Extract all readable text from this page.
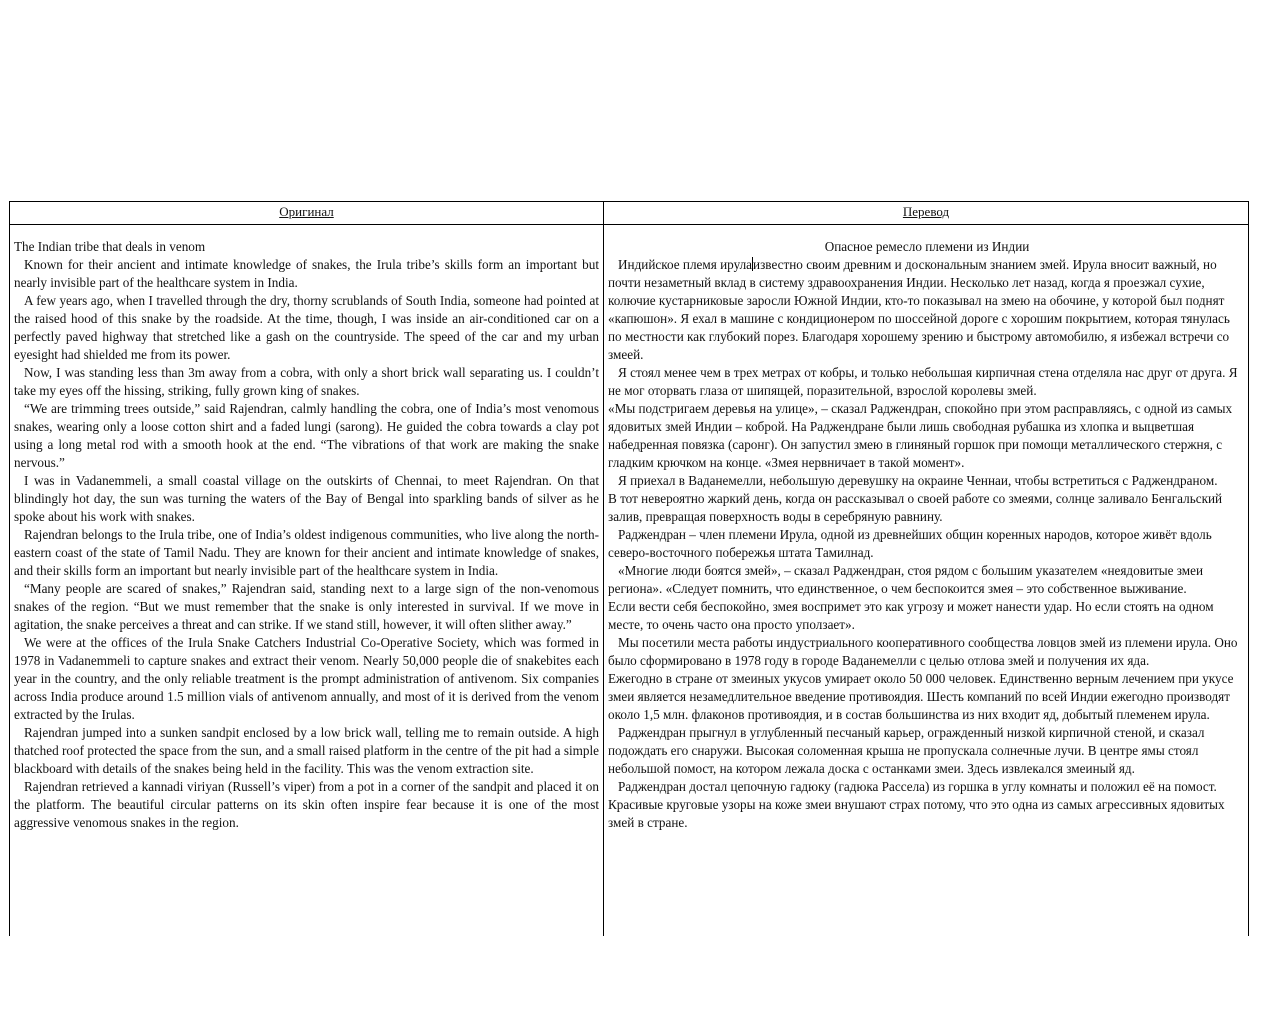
Оригинал	Перевод

The Indian tribe that deals in venom

Known for their ancient and intimate knowledge of snakes, the Irula tribe’s skills form an important but nearly invisible part of the healthcare system in India.

A few years ago, when I travelled through the dry, thorny scrublands of South India, someone had pointed at the raised hood of this snake by the roadside. At the time, though, I was inside an air-conditioned car on a perfectly paved highway that stretched like a gash on the countryside. The speed of the car and my urban eyesight had shielded me from its power.

Now, I was standing less than 3m away from a cobra, with only a short brick wall separating us. I couldn’t take my eyes off the hissing, striking, fully grown king of snakes.

“We are trimming trees outside,” said Rajendran, calmly handling the cobra, one of India’s most venomous snakes, wearing only a loose cotton shirt and a faded lungi (sarong). He guided the cobra towards a clay pot using a long metal rod with a smooth hook at the end. “The vibrations of that work are making the snake nervous.”

I was in Vadanemmeli, a small coastal village on the outskirts of Chennai, to meet Rajendran. On that blindingly hot day, the sun was turning the waters of the Bay of Bengal into sparkling bands of silver as he spoke about his work with snakes.

Rajendran belongs to the Irula tribe, one of India’s oldest indigenous communities, who live along the north-eastern coast of the state of Tamil Nadu. They are known for their ancient and intimate knowledge of snakes, and their skills form an important but nearly invisible part of the healthcare system in India.

“Many people are scared of snakes,” Rajendran said, standing next to a large sign of the non-venomous snakes of the region. “But we must remember that the snake is only interested in survival. If we move in agitation, the snake perceives a threat and can strike. If we stand still, however, it will often slither away.”

We were at the offices of the Irula Snake Catchers Industrial Co-Operative Society, which was formed in 1978 in Vadanemmeli to capture snakes and extract their venom. Nearly 50,000 people die of snakebites each year in the country, and the only reliable treatment is the prompt administration of antivenom. Six companies across India produce around 1.5 million vials of antivenom annually, and most of it is derived from the venom extracted by the Irulas.

Rajendran jumped into a sunken sandpit enclosed by a low brick wall, telling me to remain outside. A high thatched roof protected the space from the sun, and a small raised platform in the centre of the pit had a simple blackboard with details of the snakes being held in the facility. This was the venom extraction site.

Rajendran retrieved a kannadi viriyan (Russell’s viper) from a pot in a corner of the sandpit and placed it on the platform. The beautiful circular patterns on its skin often inspire fear because it is one of the most aggressive venomous snakes in the region.

Опасное ремесло племени из Индии

Индийское племя ирулаизвестно своим древним и доскональным знанием змей. Ирула вносит важный, но почти незаметный вклад в систему здравоохранения Индии. Несколько лет назад, когда я проезжал сухие, колючие кустарниковые заросли Южной Индии, кто-то показывал на змею на обочине, у которой был поднят «капюшон». Я ехал в машине с кондиционером по шоссейной дороге с хорошим покрытием, которая тянулась по местности как глубокий порез. Благодаря хорошему зрению и быстрому автомобилю, я избежал встречи со змеей.

Я стоял менее чем в трех метрах от кобры, и только небольшая кирпичная стена отделяла нас друг от друга. Я не мог оторвать глаза от шипящей, поразительной, взрослой королевы змей.

«Мы подстригаем деревья на улице», – сказал Раджендран, спокойно при этом расправляясь, с одной из самых ядовитых змей Индии – коброй. На Раджендране были лишь свободная рубашка из хлопка и выцветшая набедренная повязка (саронг). Он запустил змею в глиняный горшок при помощи металлического стержня, с гладким крючком на конце. «Змея нервничает в такой момент».

Я приехал в Ваданемелли, небольшую деревушку на окраине Ченнаи, чтобы встретиться с Раджендраном.

В тот невероятно жаркий день, когда он рассказывал о своей работе со змеями, солнце заливало Бенгальский залив, превращая поверхность воды в серебряную равнину.

Раджендран – член племени Ирула, одной из древнейших общин коренных народов, которое живёт вдоль

северо-восточного побережья штата Тамилнад.

«Многие люди боятся змей», – сказал Раджендран, стоя рядом с большим указателем «неядовитые змеи региона». «Следует помнить, что единственное, о чем беспокоится змея – это собственное выживание.

Если вести себя беспокойно, змея воспримет это как угрозу и может нанести удар. Но если стоять на одном месте, то очень часто она просто уползает».

Мы посетили места работы индустриального кооперативного сообщества ловцов змей из племени ирула. Оно было сформировано в 1978 году в городе Ваданемелли с целью отлова змей и получения их яда.

Ежегодно в стране от змеиных укусов умирает около 50 000 человек. Единственно верным лечением при укусе змеи является незамедлительное введение противоядия. Шесть компаний по всей Индии ежегодно производят около 1,5 млн. флаконов противоядия, и в состав большинства из них входит яд, добытый племенем ирула.

Раджендран прыгнул в углубленный песчаный карьер, огражденный низкой кирпичной стеной, и сказал подождать его снаружи. Высокая соломенная крыша не пропускала солнечные лучи. В центре ямы стоял небольшой помост, на котором лежала доска с останками змеи. Здесь извлекался змеиный яд.

Раджендран достал цепочную гадюку (гадюка Рассела) из горшка в углу комнаты и положил её на помост.

Красивые круговые узоры на коже змеи внушают страх потому, что это одна из самых агрессивных ядовитых змей в стране.
